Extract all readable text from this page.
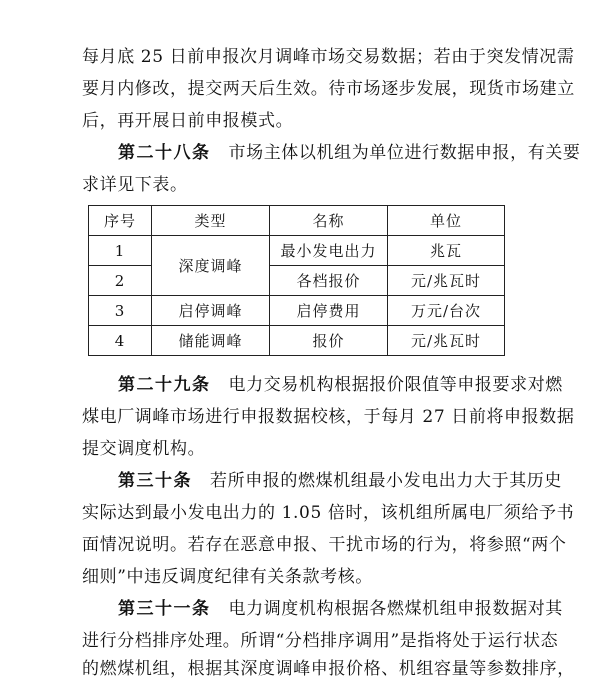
每月底 25 日前申报次月调峰市场交易数据；若由于突发情况需
要月内修改，提交两天后生效。待市场逐步发展，现货市场建立
后，再开展日前申报模式。
第二十八条 市场主体以机组为单位进行数据申报，有关要
求详见下表。
序号	类型	名称	单位
1	深度调峰	最小发电出力	兆瓦
2		各档报价	元/兆瓦时
3	启停调峰	启停费用	万元/台次
4	储能调峰	报价	元/兆瓦时
第二十九条 电力交易机构根据报价限值等申报要求对燃
煤电厂调峰市场进行申报数据校核，于每月 27 日前将申报数据
提交调度机构。
第三十条 若所申报的燃煤机组最小发电出力大于其历史
实际达到最小发电出力的 1.05 倍时，该机组所属电厂须给予书
面情况说明。若存在恶意申报、干扰市场的行为，将参照“两个
细则”中违反调度纪律有关条款考核。
第三十一条 电力调度机构根据各燃煤机组申报数据对其
进行分档排序处理。所谓“分档排序调用”是指将处于运行状态
的燃煤机组，根据其深度调峰申报价格、机组容量等参数排序，
